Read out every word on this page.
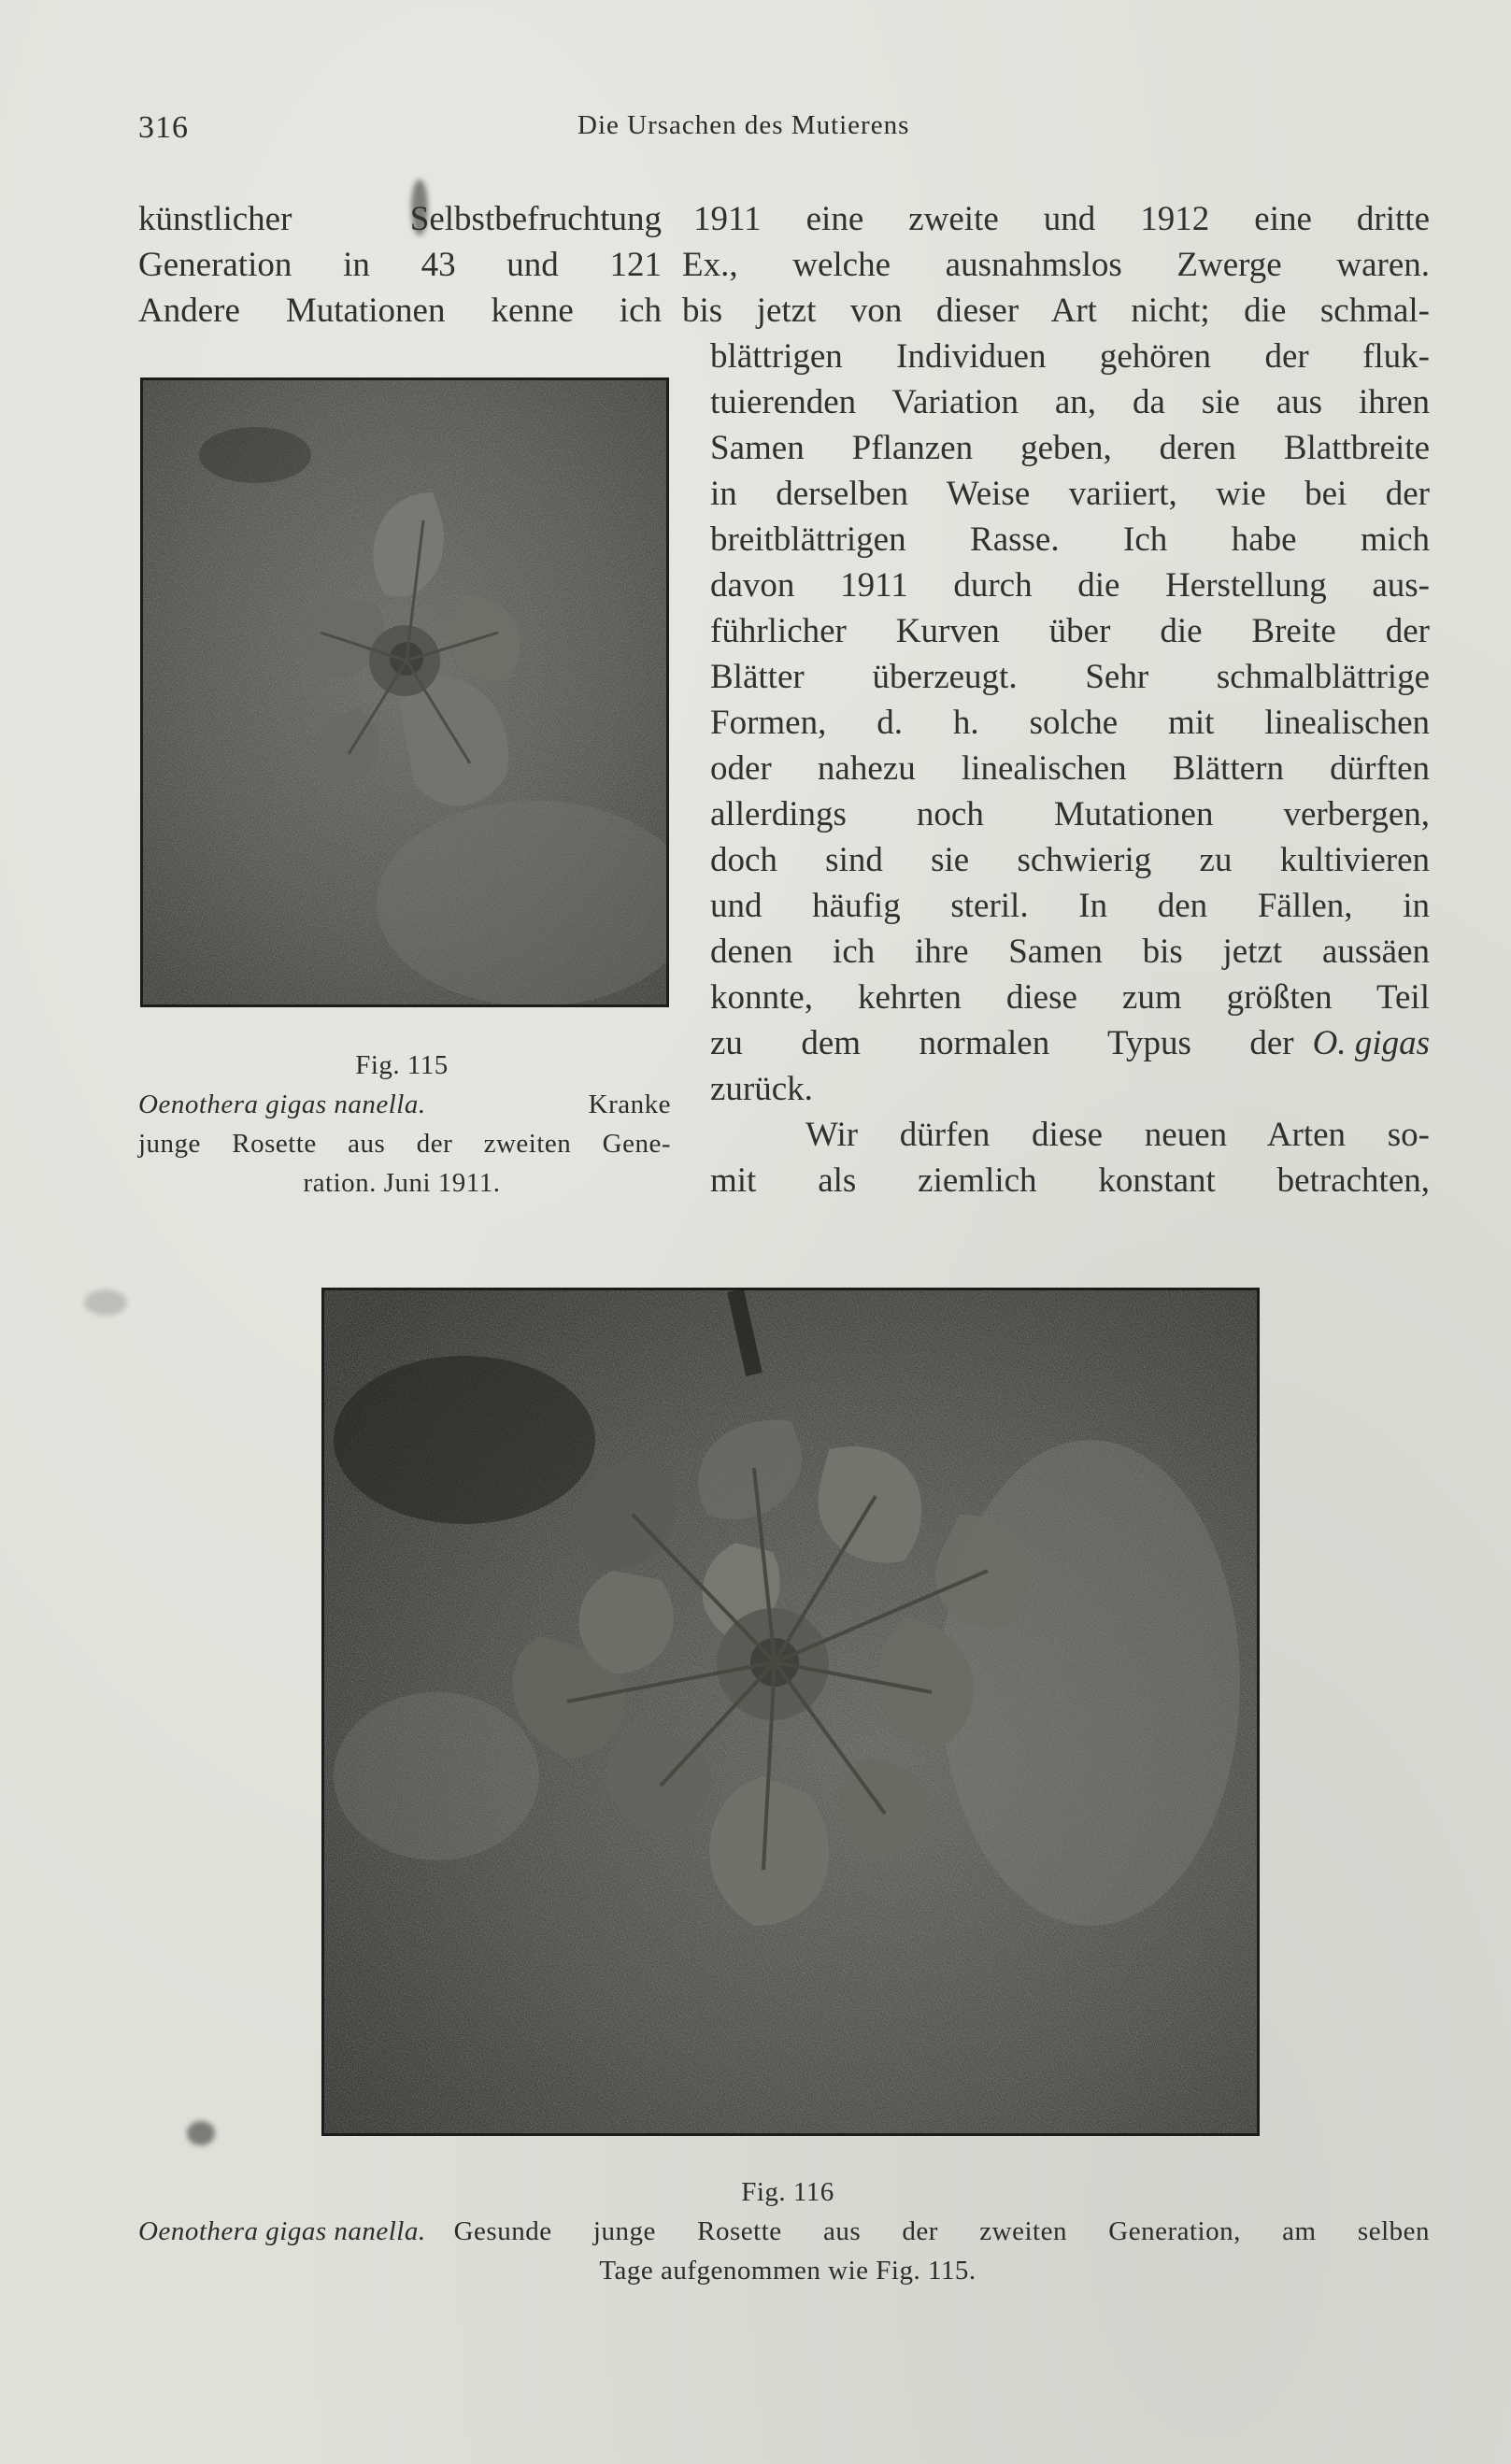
316	Die Ursachen des Mutierens
künstlicher Selbstbefruchtung
Generation in 43 und 121
Andere Mutationen kenne ich
1911 eine zweite und 1912 eine dritte
Ex., welche ausnahmslos Zwerge waren.
bis jetzt von dieser Art nicht; die schmal-
blättrigen Individuen gehören der fluk-
tuierenden Variation an, da sie aus ihren
Samen Pflanzen geben, deren Blattbreite
in derselben Weise variiert, wie bei der
breitblättrigen Rasse. Ich habe mich
davon 1911 durch die Herstellung aus-
führlicher Kurven über die Breite der
Blätter überzeugt. Sehr schmalblättrige
Formen, d. h. solche mit linealischen
oder nahezu linealischen Blättern dürften
allerdings noch Mutationen verbergen,
doch sind sie schwierig zu kultivieren
und häufig steril. In den Fällen, in
denen ich ihre Samen bis jetzt aussäen
konnte, kehrten diese zum größten Teil
zu dem normalen Typus der O. gigas
zurück.
Wir dürfen diese neuen Arten so-
mit als ziemlich konstant betrachten,
Fig. 115
Oenothera gigas nanella.	Kranke
junge Rosette aus der zweiten Gene-
ration. Juni 1911.
Fig. 116
Oenothera gigas nanella. Gesunde junge Rosette aus der zweiten Generation, am selben
Tage aufgenommen wie Fig. 115.
